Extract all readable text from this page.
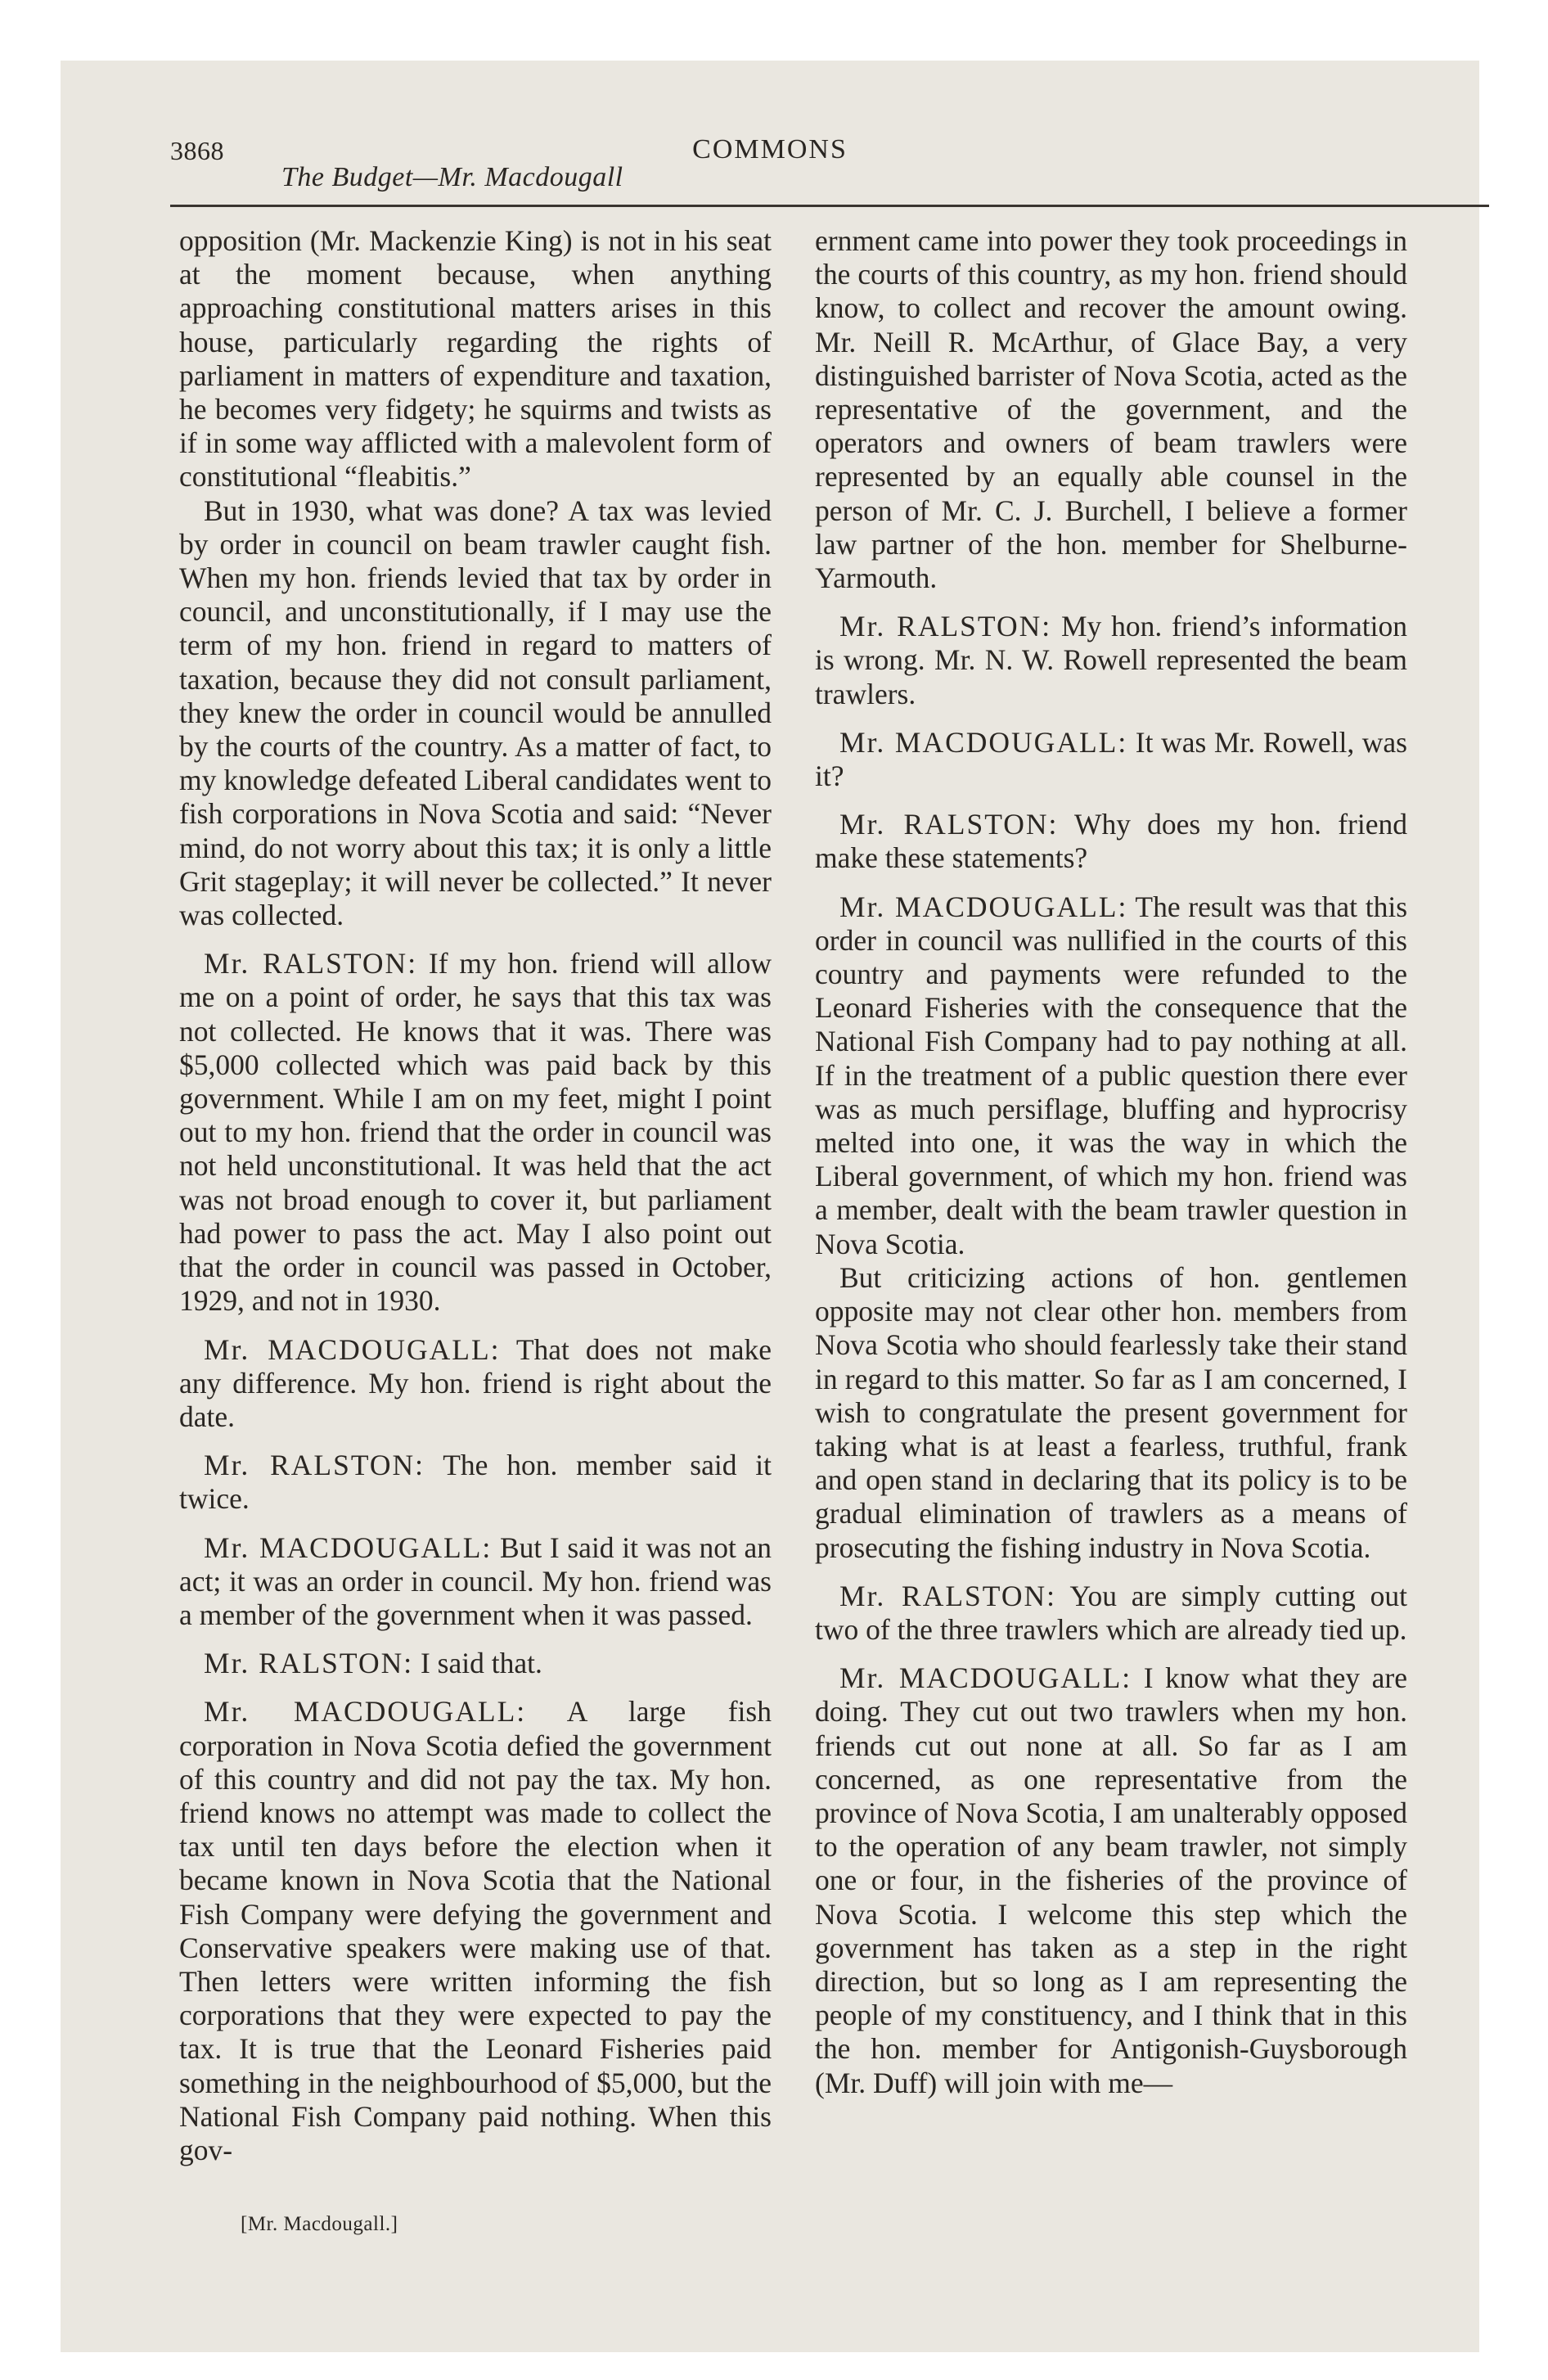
3868	COMMONS
The Budget—Mr. Macdougall

opposition (Mr. Mackenzie King) is not in his seat at the moment because, when anything approaching constitutional matters arises in this house, particularly regarding the rights of parliament in matters of expenditure and taxation, he becomes very fidgety; he squirms and twists as if in some way afflicted with a malevolent form of constitutional “fleabitis.”

But in 1930, what was done? A tax was levied by order in council on beam trawler caught fish. When my hon. friends levied that tax by order in council, and unconstitutionally, if I may use the term of my hon. friend in regard to matters of taxation, because they did not consult parliament, they knew the order in council would be annulled by the courts of the country. As a matter of fact, to my knowledge defeated Liberal candidates went to fish corporations in Nova Scotia and said: “Never mind, do not worry about this tax; it is only a little Grit stageplay; it will never be collected.” It never was collected.

Mr. RALSTON: If my hon. friend will allow me on a point of order, he says that this tax was not collected. He knows that it was. There was $5,000 collected which was paid back by this government. While I am on my feet, might I point out to my hon. friend that the order in council was not held unconstitutional. It was held that the act was not broad enough to cover it, but parliament had power to pass the act. May I also point out that the order in council was passed in October, 1929, and not in 1930.

Mr. MACDOUGALL: That does not make any difference. My hon. friend is right about the date.

Mr. RALSTON: The hon. member said it twice.

Mr. MACDOUGALL: But I said it was not an act; it was an order in council. My hon. friend was a member of the government when it was passed.

Mr. RALSTON: I said that.

Mr. MACDOUGALL: A large fish corporation in Nova Scotia defied the government of this country and did not pay the tax. My hon. friend knows no attempt was made to collect the tax until ten days before the election when it became known in Nova Scotia that the National Fish Company were defying the government and Conservative speakers were making use of that. Then letters were written informing the fish corporations that they were expected to pay the tax. It is true that the Leonard Fisheries paid something in the neighbourhood of $5,000, but the National Fish Company paid nothing. When this gov-

ernment came into power they took proceedings in the courts of this country, as my hon. friend should know, to collect and recover the amount owing. Mr. Neill R. McArthur, of Glace Bay, a very distinguished barrister of Nova Scotia, acted as the representative of the government, and the operators and owners of beam trawlers were represented by an equally able counsel in the person of Mr. C. J. Burchell, I believe a former law partner of the hon. member for Shelburne-Yarmouth.

Mr. RALSTON: My hon. friend’s information is wrong. Mr. N. W. Rowell represented the beam trawlers.

Mr. MACDOUGALL: It was Mr. Rowell, was it?

Mr. RALSTON: Why does my hon. friend make these statements?

Mr. MACDOUGALL: The result was that this order in council was nullified in the courts of this country and payments were refunded to the Leonard Fisheries with the consequence that the National Fish Company had to pay nothing at all. If in the treatment of a public question there ever was as much persiflage, bluffing and hyprocrisy melted into one, it was the way in which the Liberal government, of which my hon. friend was a member, dealt with the beam trawler question in Nova Scotia.

But criticizing actions of hon. gentlemen opposite may not clear other hon. members from Nova Scotia who should fearlessly take their stand in regard to this matter. So far as I am concerned, I wish to congratulate the present government for taking what is at least a fearless, truthful, frank and open stand in declaring that its policy is to be gradual elimination of trawlers as a means of prosecuting the fishing industry in Nova Scotia.

Mr. RALSTON: You are simply cutting out two of the three trawlers which are already tied up.

Mr. MACDOUGALL: I know what they are doing. They cut out two trawlers when my hon. friends cut out none at all. So far as I am concerned, as one representative from the province of Nova Scotia, I am unalterably opposed to the operation of any beam trawler, not simply one or four, in the fisheries of the province of Nova Scotia. I welcome this step which the government has taken as a step in the right direction, but so long as I am representing the people of my constituency, and I think that in this the hon. member for Antigonish-Guysborough (Mr. Duff) will join with me—

[Mr. Macdougall.]
